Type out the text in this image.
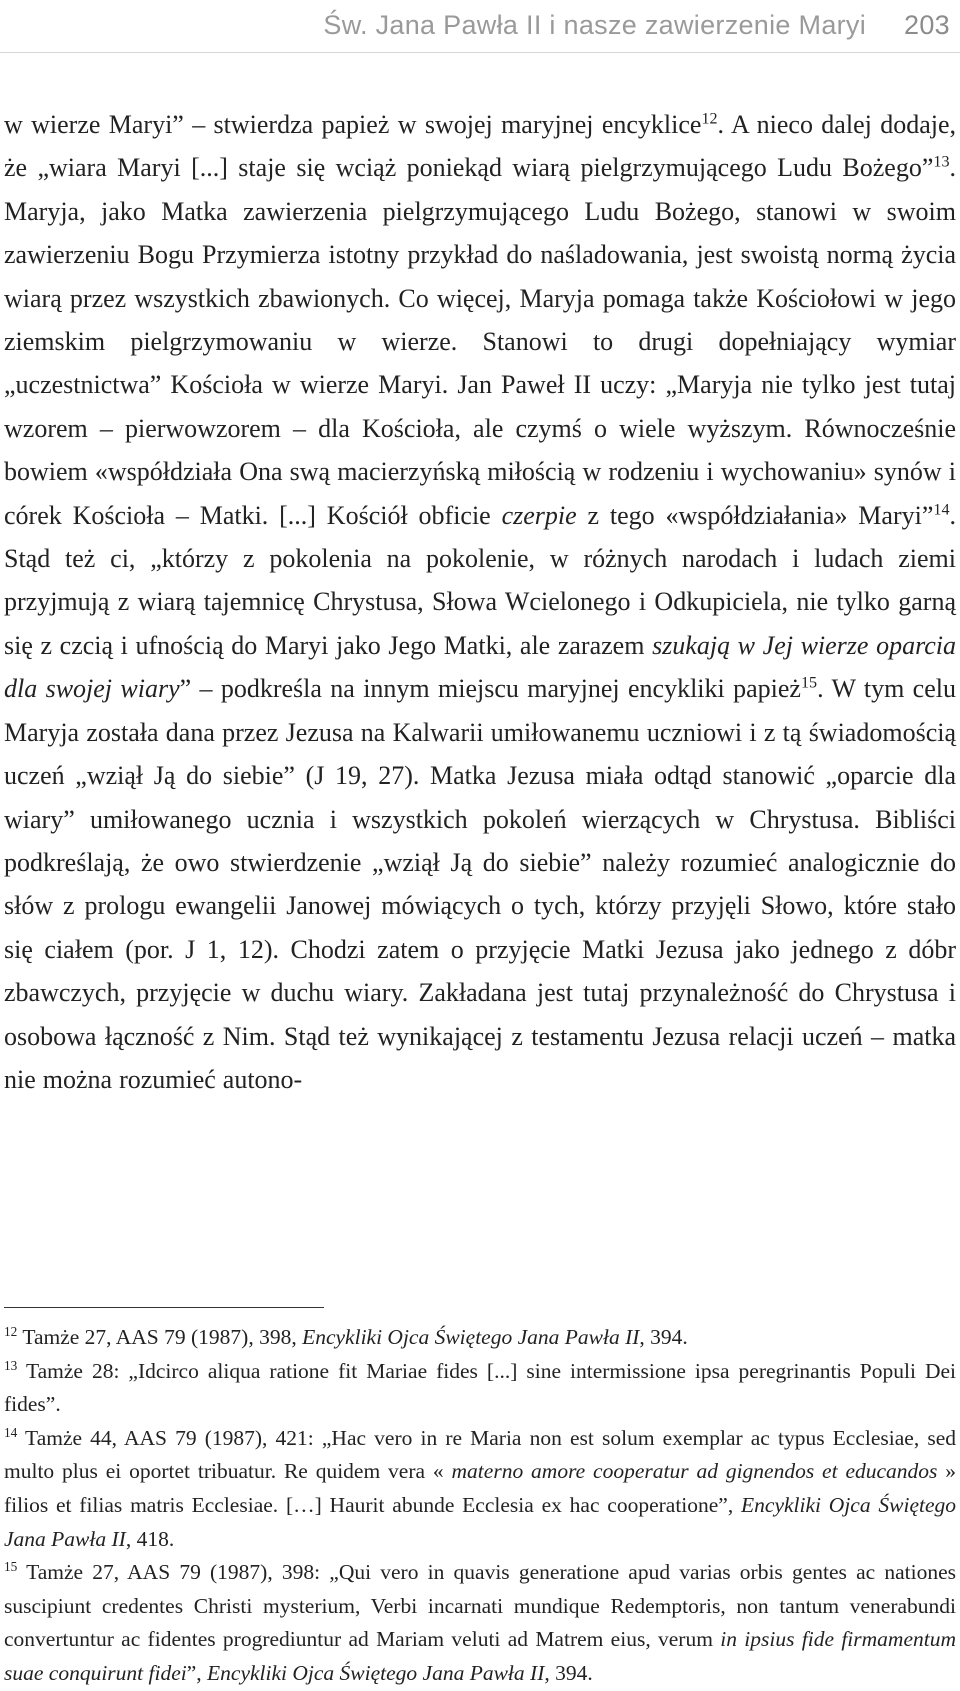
Św. Jana Pawła II i nasze zawierzenie Maryi 203
w wierze Maryi” – stwierdza papież w swojej maryjnej encyklice$^{12}$. A nieco dalej dodaje, że „wiara Maryi [...] staje się wciąż poniekąd wiarą pielgrzymującego Ludu Bożego”$^{13}$. Maryja, jako Matka zawierzenia pielgrzymującego Ludu Bożego, stanowi w swoim zawierzeniu Bogu Przymierza istotny przykład do naśladowania, jest swoistą normą życia wiarą przez wszystkich zbawionych. Co więcej, Maryja pomaga także Kościołowi w jego ziemskim pielgrzymowaniu w wierze. Stanowi to drugi dopełniający wymiar „uczestnictwa” Kościoła w wierze Maryi. Jan Paweł II uczy: „Maryja nie tylko jest tutaj wzorem – pierwowzorem – dla Kościoła, ale czymś o wiele wyższym. Równocześnie bowiem «współdziała Ona swą macierzyńską miłością w rodzeniu i wychowaniu» synów i córek Kościoła – Matki. [...] Kościół obficie czerpie z tego «współdziałania» Maryi”$^{14}$. Stąd też ci, „którzy z pokolenia na pokolenie, w różnych narodach i ludach ziemi przyjmują z wiarą tajemnicę Chrystusa, Słowa Wcielonego i Odkupiciela, nie tylko garną się z czcią i ufnością do Maryi jako Jego Matki, ale zarazem szukają w Jej wierze oparcia dla swojej wiary” – podkreśla na innym miejscu maryjnej encykliki papież$^{15}$. W tym celu Maryja została dana przez Jezusa na Kalwarii umiłowanemu uczniowi i z tą świadomością uczeń „wziął Ją do siebie” (J 19, 27). Matka Jezusa miała odtąd stanowić „oparcie dla wiary” umiłowanego ucznia i wszystkich pokoleń wierzących w Chrystusa. Bibliści podkreślają, że owo stwierdzenie „wziął Ją do siebie” należy rozumieć analogicznie do słów z prologu ewangelii Janowej mówiących o tych, którzy przyjęli Słowo, które stało się ciałem (por. J 1, 12). Chodzi zatem o przyjęcie Matki Jezusa jako jednego z dóbr zbawczych, przyjęcie w duchu wiary. Zakładana jest tutaj przynależność do Chrystusa i osobowa łączność z Nim. Stąd też wynikającej z testamentu Jezusa relacji uczeń – matka nie można rozumieć autono-

$^{12}$ Tamże 27, AAS 79 (1987), 398, Encykliki Ojca Świętego Jana Pawła II, 394.

$^{13}$ Tamże 28: „Idcirco aliqua ratione fit Mariae fides [...] sine intermissione ipsa peregrinantis Populi Dei fides”.

$^{14}$ Tamże 44, AAS 79 (1987), 421: „Hac vero in re Maria non est solum exemplar ac typus Ecclesiae, sed multo plus ei oportet tribuatur. Re quidem vera « materno amore cooperatur ad gignendos et educandos » filios et filias matris Ecclesiae. […] Haurit abunde Ecclesia ex hac cooperatione”, Encykliki Ojca Świętego Jana Pawła II, 418.

$^{15}$ Tamże 27, AAS 79 (1987), 398: „Qui vero in quavis generatione apud varias orbis gentes ac nationes suscipiunt credentes Christi mysterium, Verbi incarnati mundique Redemptoris, non tantum venerabundi convertuntur ac fidentes progrediuntur ad Mariam veluti ad Matrem eius, verum in ipsius fide firmamentum suae conquirunt fidei”, Encykliki Ojca Świętego Jana Pawła II, 394.
